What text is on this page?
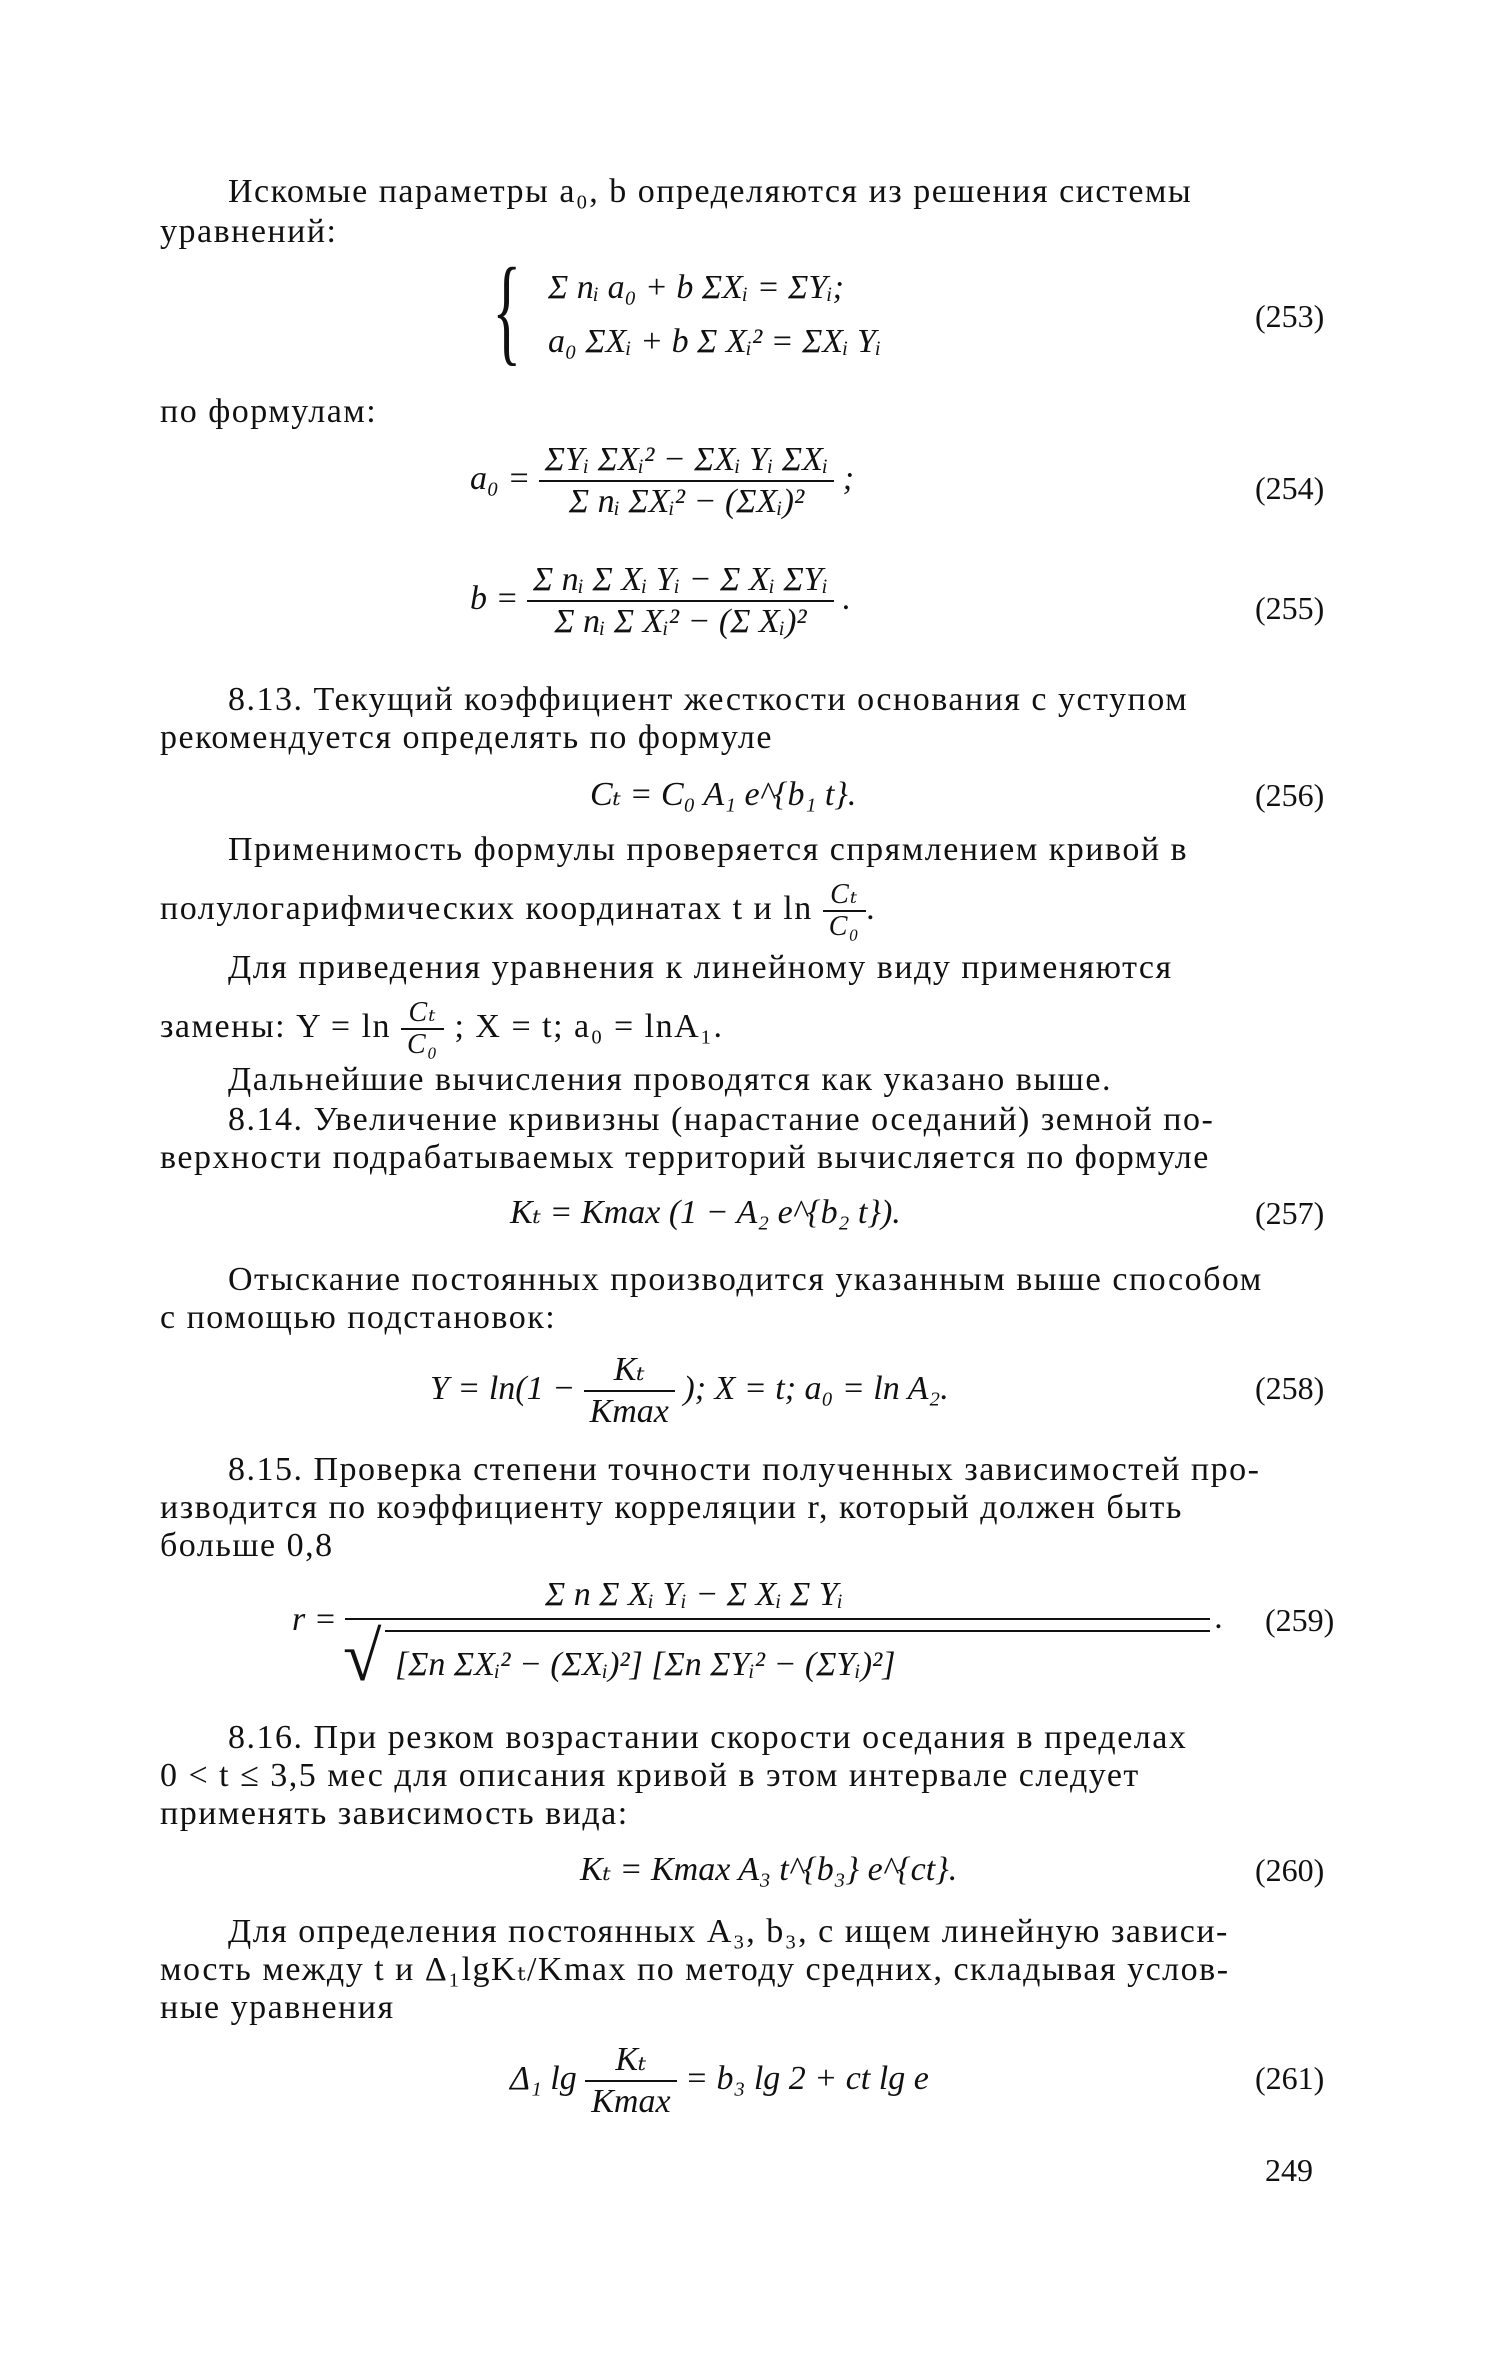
Искомые параметры a₀, b определяются из решения системы
уравнений:
{ Σ nᵢ a₀ + b ΣXᵢ = ΣYᵢ;
a₀ ΣXᵢ + b Σ Xᵢ² = ΣXᵢ Yᵢ
(253)
по формулам:
$a_0 = \frac{\text{ΣYᵢ ΣXᵢ² − ΣXᵢ Yᵢ ΣXᵢ}}{\text{Σ nᵢ ΣXᵢ² − (ΣXᵢ)²}}$ ;	(254)
$b = \frac{\text{Σ nᵢ Σ Xᵢ Yᵢ − Σ Xᵢ ΣYᵢ}}{\text{Σ nᵢ Σ Xᵢ² − (Σ Xᵢ)²}}$ .	(255)
8.13. Текущий коэффициент жесткости основания с уступом
рекомендуется определять по формуле
Cₜ = C₀ A₁ e^{b₁ t}.	(256)
Применимость формулы проверяется спрямлением кривой в
полулогарифмических координатах t и $\ln \frac{\text{Cₜ}}{\text{C₀}}$ .
Для приведения уравнения к линейному виду применяются
замены: $Y = \ln \frac{\text{Cₜ}}{\text{C₀}}$ ; X = t; a₀ = lnA₁.
Дальнейшие вычисления проводятся как указано выше.
8.14. Увеличение кривизны (нарастание оседаний) земной по-
верхности подрабатываемых территорий вычисляется по формуле
Kₜ = Kmax (1 − A₂ e^{b₂ t}).	(257)
Отыскание постоянных производится указанным выше способом
с помощью подстановок:
$Y = \ln(1 - \frac{\text{Kₜ}}{Kmax}$ ); X = t; a₀ = ln A₂.	(258)
8.15. Проверка степени точности полученных зависимостей про-
изводится по коэффициенту корреляции r, который должен быть
больше 0,8
r =
Σ n Σ Xᵢ Yᵢ − Σ Xᵢ Σ Yᵢ
√ [Σn ΣXᵢ² − (ΣXᵢ)²] [Σn ΣYᵢ² − (ΣYᵢ)²]
. (259)
8.16. При резком возрастании скорости оседания в пределах
0 < t ≤ 3,5 мес для описания кривой в этом интервале следует
применять зависимость вида:
Kₜ = Kmax A₃ t^{b₃} e^{ct}.	(260)
Для определения постоянных A₃, b₃, c ищем линейную зависи-
мость между t и Δ₁lgKₜ/Kmax по методу средних, складывая услов-
ные уравнения
Δ₁ $\lg \frac{\text{Kₜ}}{Kmax} = b_3$ lg 2 + ct lg e	(261)
249
